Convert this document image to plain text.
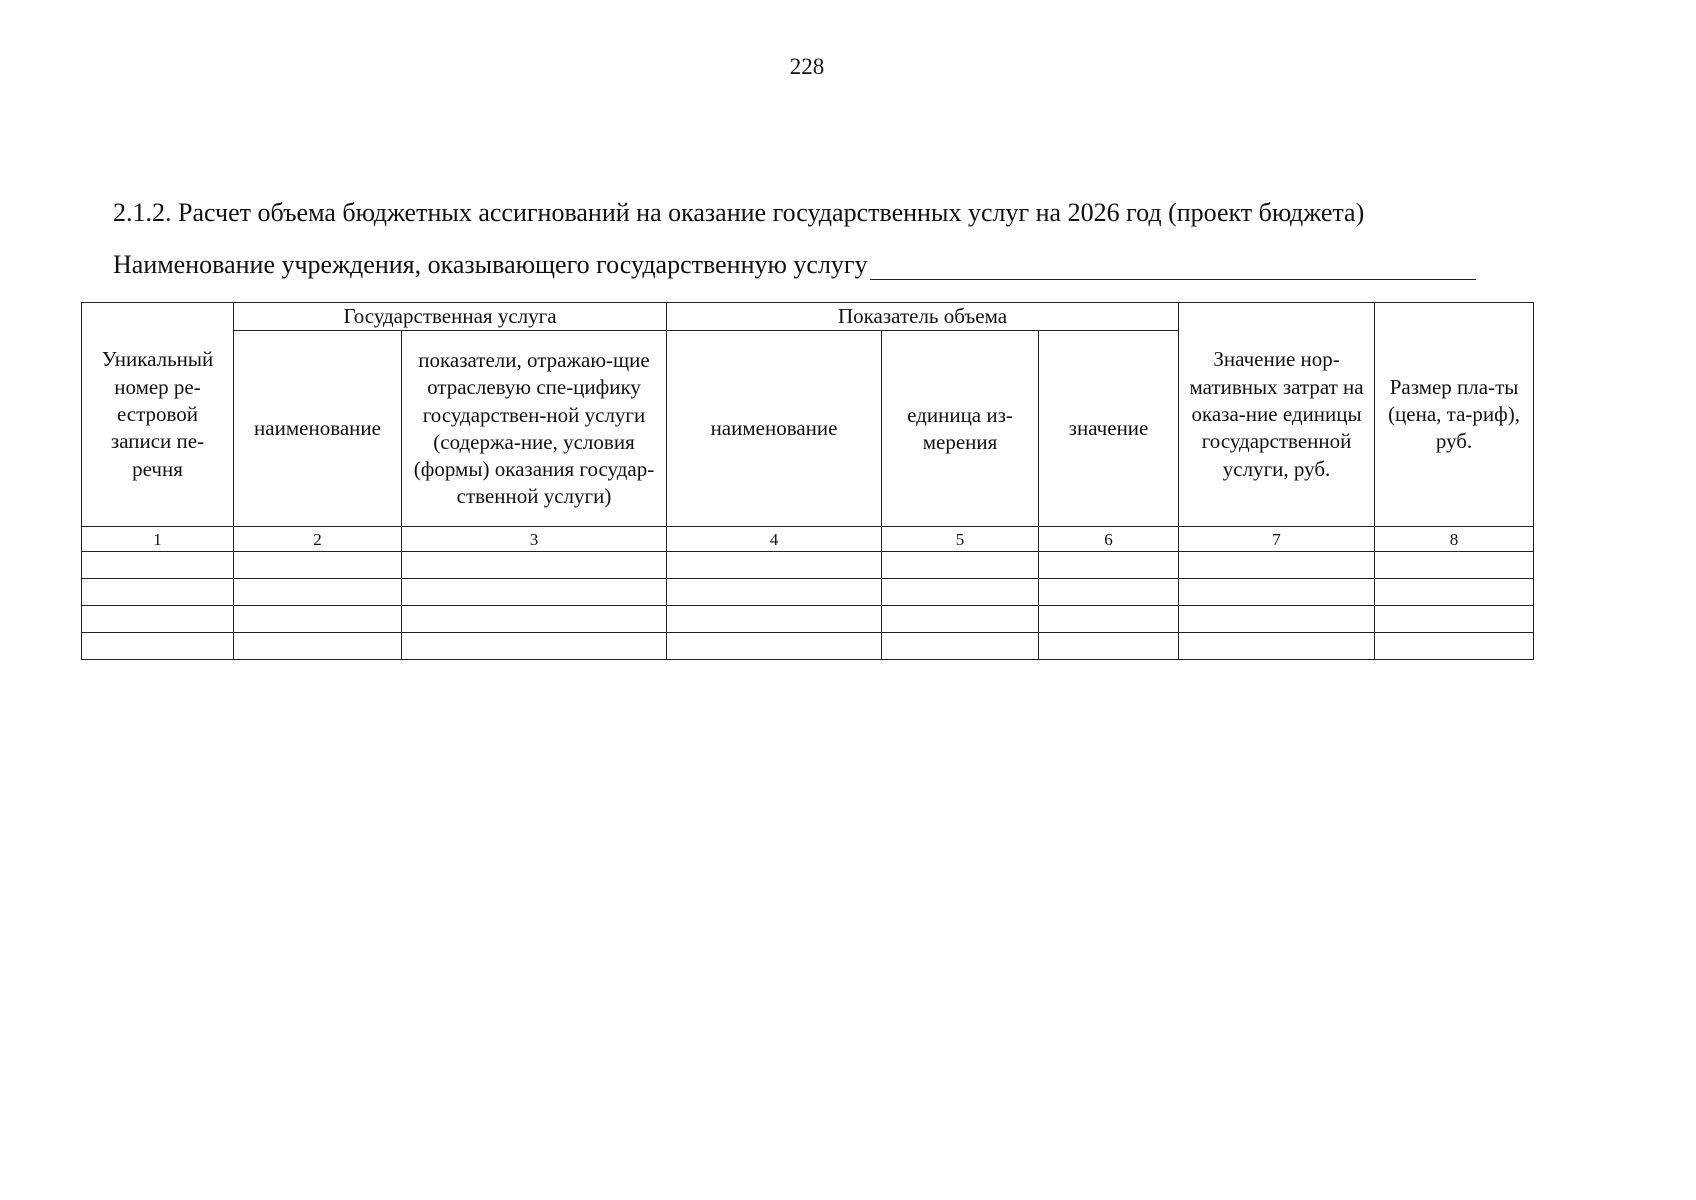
228
2.1.2. Расчет объема бюджетных ассигнований на оказание государственных услуг на 2026 год (проект бюджета)
Наименование учреждения, оказывающего государственную услугу
Уникальный номер ре-естровой записи пе-речня	Государственная услуга		Показатель объема			Значение нор-мативных затрат на оказа-ние единицы государственной услуги, руб.	Размер пла-ты (цена, та-риф), руб.
	наименование	показатели, отражаю-щие отраслевую спе-цифику государствен-ной услуги (содержа-ние, условия (формы) оказания государ-ственной услуги)	наименование	единица из-мерения	значение		
1	2	3	4	5	6	7	8
